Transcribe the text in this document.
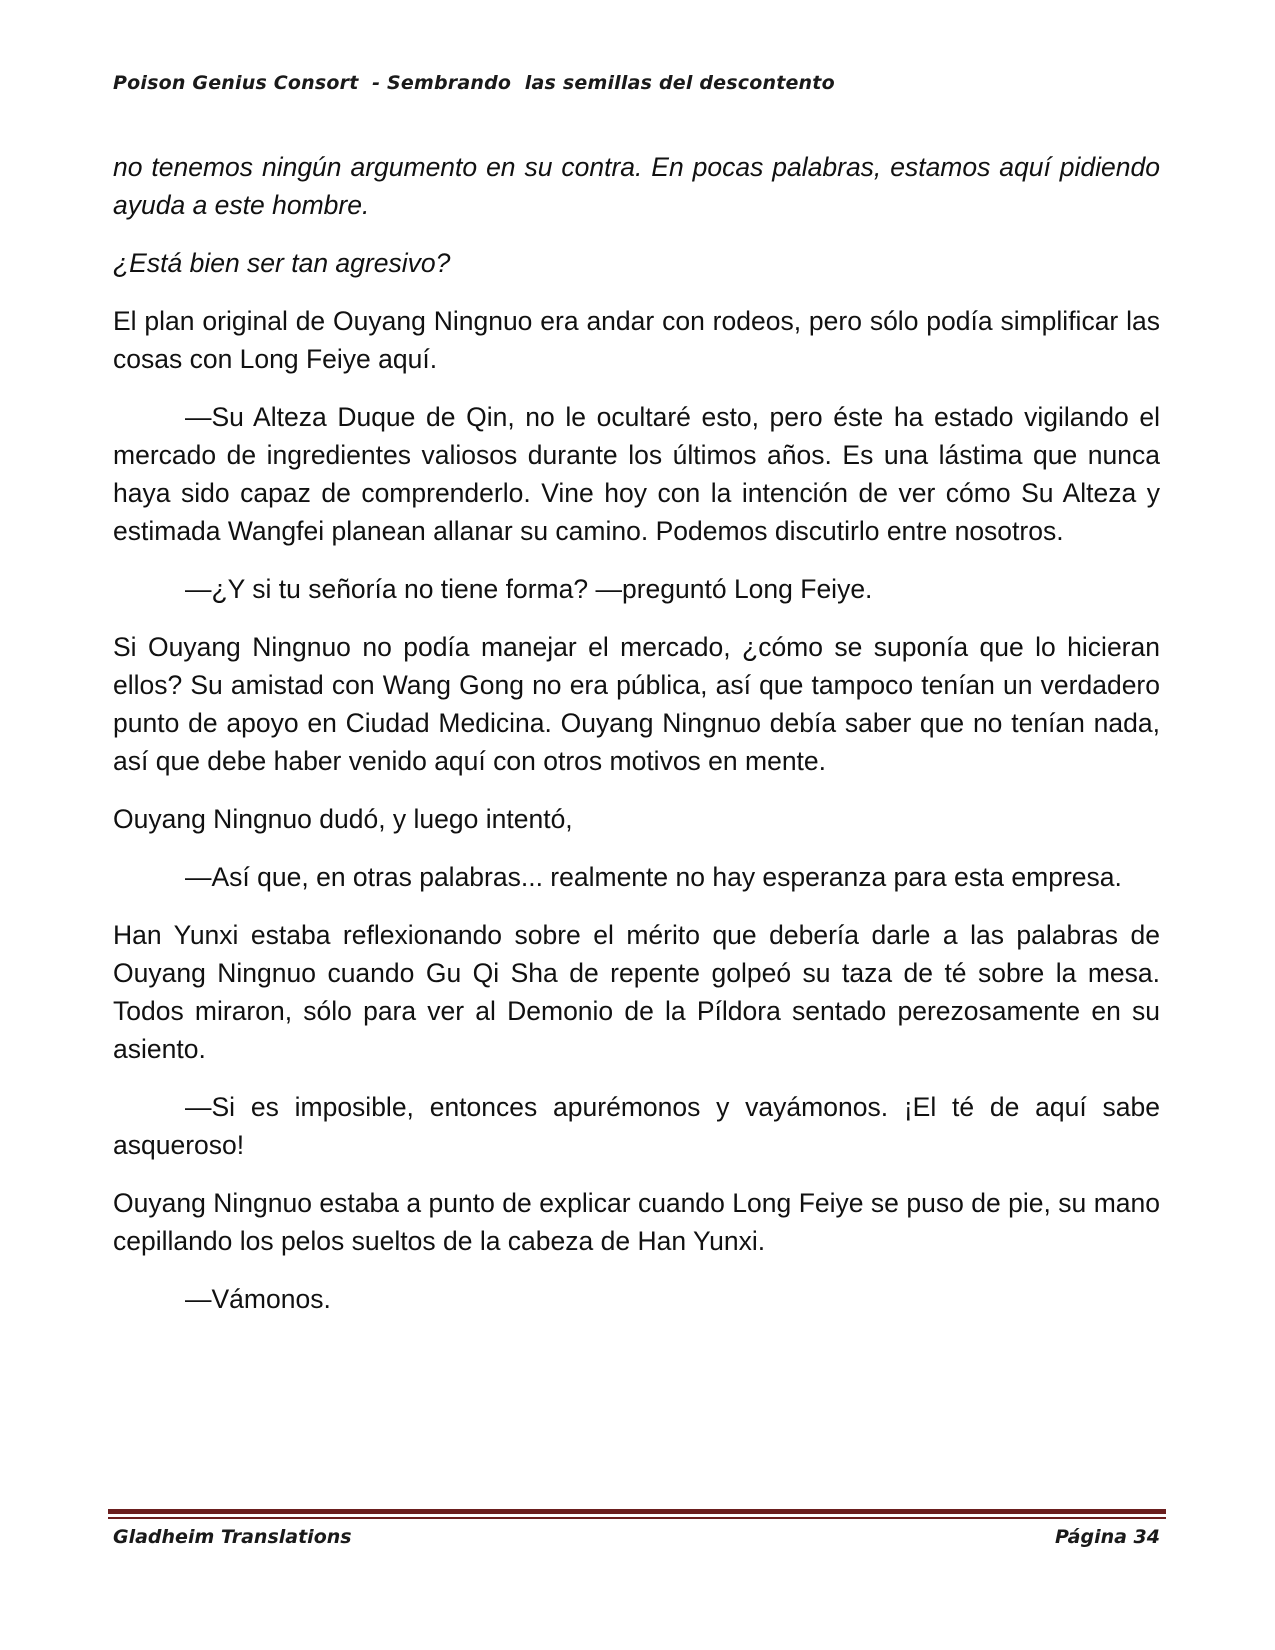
Poison Genius Consort  - Sembrando  las semillas del descontento

no tenemos ningún argumento en su contra. En pocas palabras, estamos aquí pidiendo ayuda a este hombre.

¿Está bien ser tan agresivo?

El plan original de Ouyang Ningnuo era andar con rodeos, pero sólo podía simplificar las cosas con Long Feiye aquí.

—Su Alteza Duque de Qin, no le ocultaré esto, pero éste ha estado vigilando el mercado de ingredientes valiosos durante los últimos años. Es una lástima que nunca haya sido capaz de comprenderlo. Vine hoy con la intención de ver cómo Su Alteza y estimada Wangfei planean allanar su camino. Podemos discutirlo entre nosotros.

—¿Y si tu señoría no tiene forma? —preguntó Long Feiye.

Si Ouyang Ningnuo no podía manejar el mercado, ¿cómo se suponía que lo hicieran ellos? Su amistad con Wang Gong no era pública, así que tampoco tenían un verdadero punto de apoyo en Ciudad Medicina. Ouyang Ningnuo debía saber que no tenían nada, así que debe haber venido aquí con otros motivos en mente.

Ouyang Ningnuo dudó, y luego intentó,

—Así que, en otras palabras... realmente no hay esperanza para esta empresa.

Han Yunxi estaba reflexionando sobre el mérito que debería darle a las palabras de Ouyang Ningnuo cuando Gu Qi Sha de repente golpeó su taza de té sobre la mesa. Todos miraron, sólo para ver al Demonio de la Píldora sentado perezosamente en su asiento.

—Si es imposible, entonces apurémonos y vayámonos. ¡El té de aquí sabe asqueroso!

Ouyang Ningnuo estaba a punto de explicar cuando Long Feiye se puso de pie, su mano cepillando los pelos sueltos de la cabeza de Han Yunxi.

—Vámonos.

Gladheim Translations	Página 34
